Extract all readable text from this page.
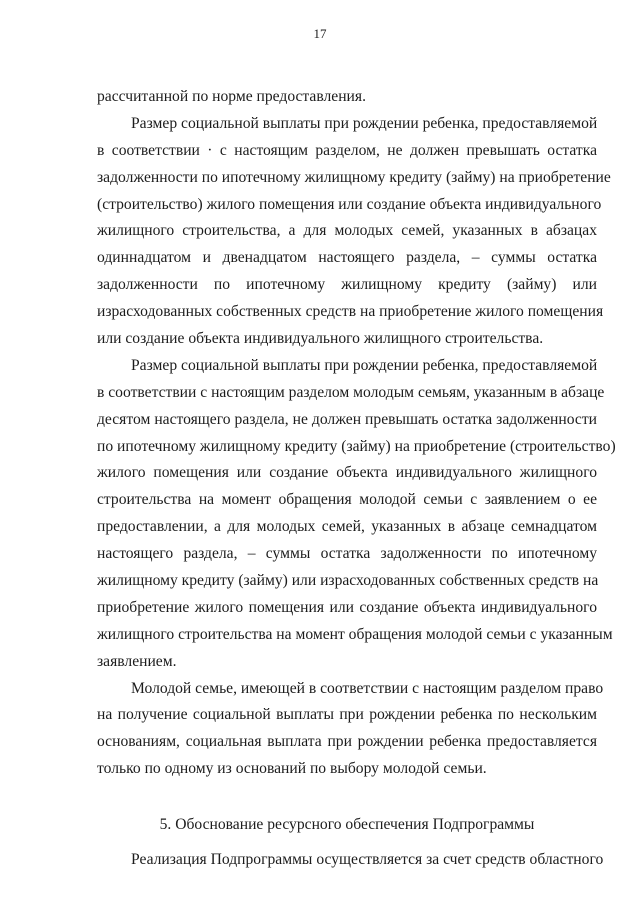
17
рассчитанной по норме предоставления.
Размер социальной выплаты при рождении ребенка, предоставляемой
в соответствии · с настоящим разделом, не должен превышать остатка
задолженности по ипотечному жилищному кредиту (займу) на приобретение
(строительство) жилого помещения или создание объекта индивидуального
жилищного строительства, а для молодых семей, указанных в абзацах
одиннадцатом и двенадцатом настоящего раздела, – суммы остатка
задолженности по ипотечному жилищному кредиту (займу) или
израсходованных собственных средств на приобретение жилого помещения
или создание объекта индивидуального жилищного строительства.
Размер социальной выплаты при рождении ребенка, предоставляемой
в соответствии с настоящим разделом молодым семьям, указанным в абзаце
десятом настоящего раздела, не должен превышать остатка задолженности
по ипотечному жилищному кредиту (займу) на приобретение (строительство)
жилого помещения или создание объекта индивидуального жилищного
строительства на момент обращения молодой семьи с заявлением о ее
предоставлении, а для молодых семей, указанных в абзаце семнадцатом
настоящего раздела, – суммы остатка задолженности по ипотечному
жилищному кредиту (займу) или израсходованных собственных средств на
приобретение жилого помещения или создание объекта индивидуального
жилищного строительства на момент обращения молодой семьи с указанным
заявлением.
Молодой семье, имеющей в соответствии с настоящим разделом право
на получение социальной выплаты при рождении ребенка по нескольким
основаниям, социальная выплата при рождении ребенка предоставляется
только по одному из оснований по выбору молодой семьи.
5. Обоснование ресурсного обеспечения Подпрограммы
Реализация Подпрограммы осуществляется за счет средств областного
